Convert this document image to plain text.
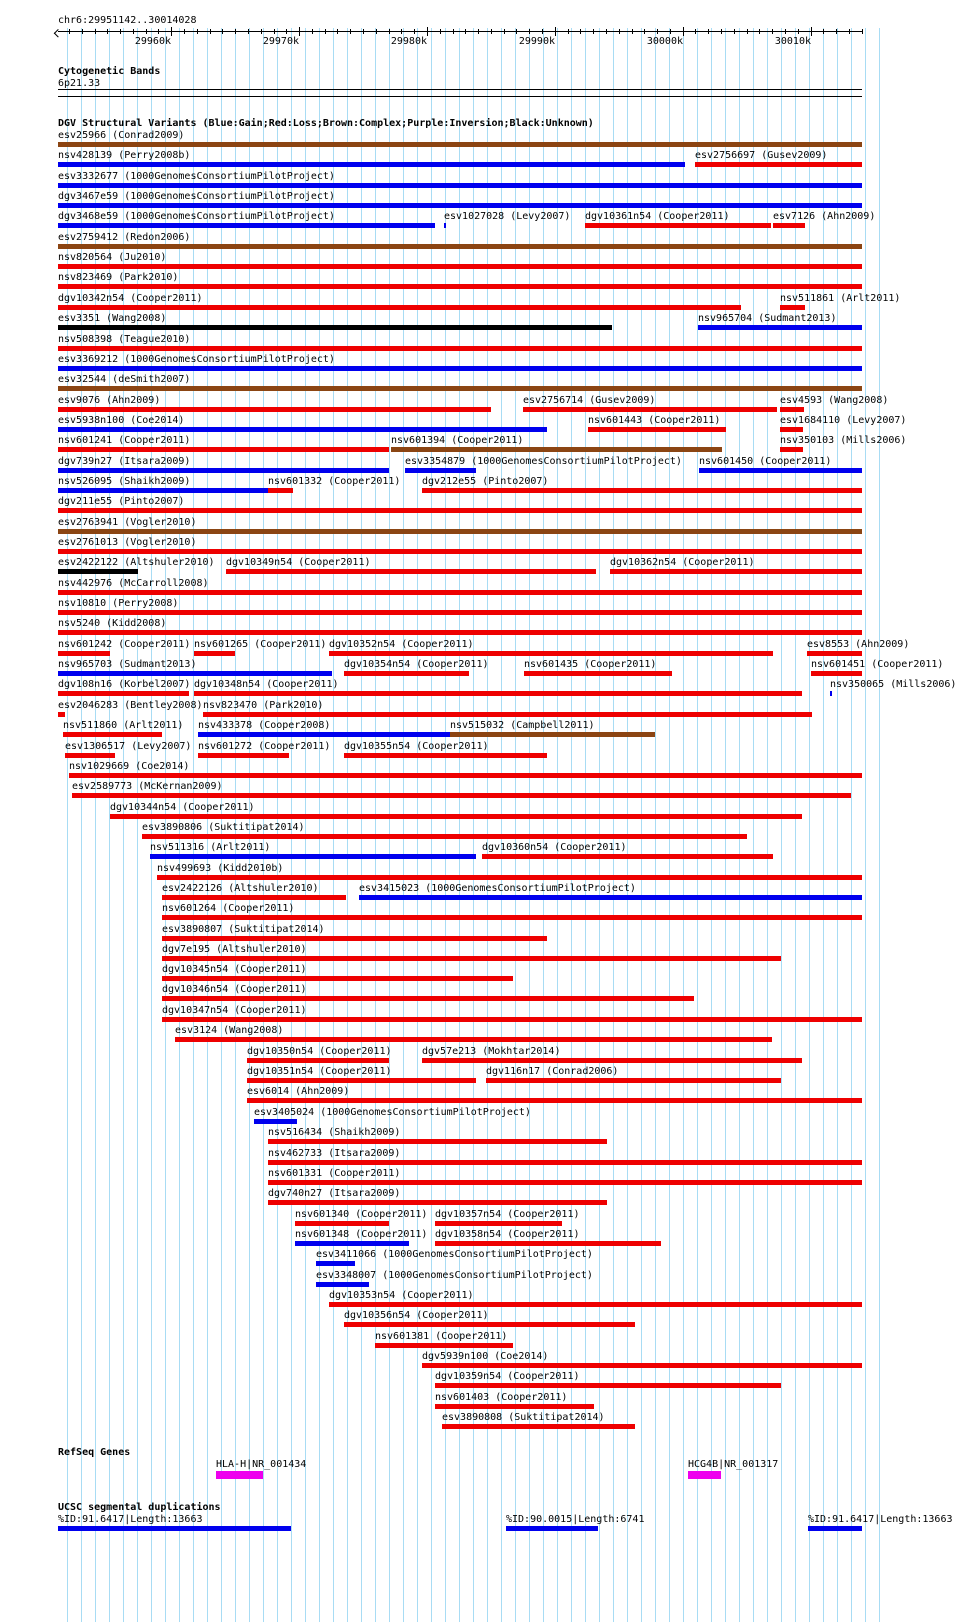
chr6:29951142..30014028
29960k	29970k	29980k	29990k	30000k	30010k
Cytogenetic Bands
6p21.33
DGV Structural Variants (Blue:Gain;Red:Loss;Brown:Complex;Purple:Inversion;Black:Unknown)
esv25966 (Conrad2009)
nsv428139 (Perry2008b)	esv2756697 (Gusev2009)
esv3332677 (1000GenomesConsortiumPilotProject)
dgv3467e59 (1000GenomesConsortiumPilotProject)
dgv3468e59 (1000GenomesConsortiumPilotProject)	esv1027028 (Levy2007) dgv10361n54 (Cooper2011)	esv7126 (Ahn2009)
esv2759412 (Redon2006)
nsv820564 (Ju2010)
nsv823469 (Park2010)
dgv10342n54 (Cooper2011)	nsv511861 (Arlt2011)
esv3351 (Wang2008)	nsv965704 (Sudmant2013)
nsv508398 (Teague2010)
esv3369212 (1000GenomesConsortiumPilotProject)
esv32544 (deSmith2007)
esv9076 (Ahn2009)	esv2756714 (Gusev2009)	esv4593 (Wang2008)
esv5938n100 (Coe2014)	nsv601443 (Cooper2011)	esv1684110 (Levy2007)
nsv601241 (Cooper2011)	nsv601394 (Cooper2011)	nsv350103 (Mills2006)
dgv739n27 (Itsara2009)	esv3354879 (1000GenomesConsortiumPilotProject) nsv601450 (Cooper2011)
nsv526095 (Shaikh2009)	nsv601332 (Cooper2011) dgv212e55 (Pinto2007)
dgv211e55 (Pinto2007)
esv2763941 (Vogler2010)
esv2761013 (Vogler2010)
esv2422122 (Altshuler2010) dgv10349n54 (Cooper2011)	dgv10362n54 (Cooper2011)
nsv442976 (McCarroll2008)
nsv10810 (Perry2008)
nsv5240 (Kidd2008)
nsv601242 (Cooper2011) nsv601265 (Cooper2011) dgv10352n54 (Cooper2011)	esv8553 (Ahn2009)
nsv965703 (Sudmant2013)	dgv10354n54 (Cooper2011)	nsv601435 (Cooper2011)	nsv601451 (Cooper2011)
dgv108n16 (Korbel2007) dgv10348n54 (Cooper2011)	nsv350065 (Mills2006)
esv2046283 (Bentley2008) nsv823470 (Park2010)
nsv511860 (Arlt2011) nsv433378 (Cooper2008)	nsv515032 (Campbell2011)
esv1306517 (Levy2007) nsv601272 (Cooper2011) dgv10355n54 (Cooper2011)
nsv1029669 (Coe2014)
esv2589773 (McKernan2009)
dgv10344n54 (Cooper2011)
esv3890806 (Suktitipat2014)
nsv511316 (Arlt2011)	dgv10360n54 (Cooper2011)
nsv499693 (Kidd2010b)
esv2422126 (Altshuler2010)	esv3415023 (1000GenomesConsortiumPilotProject)
nsv601264 (Cooper2011)
esv3890807 (Suktitipat2014)
dgv7e195 (Altshuler2010)
dgv10345n54 (Cooper2011)
dgv10346n54 (Cooper2011)
dgv10347n54 (Cooper2011)
esv3124 (Wang2008)
dgv10350n54 (Cooper2011)	dgv57e213 (Mokhtar2014)
dgv10351n54 (Cooper2011)	dgv116n17 (Conrad2006)
esv6014 (Ahn2009)
esv3405024 (1000GenomesConsortiumPilotProject)
nsv516434 (Shaikh2009)
nsv462733 (Itsara2009)
nsv601331 (Cooper2011)
dgv740n27 (Itsara2009)
nsv601340 (Cooper2011) dgv10357n54 (Cooper2011)
nsv601348 (Cooper2011) dgv10358n54 (Cooper2011)
esv3411066 (1000GenomesConsortiumPilotProject)
esv3348007 (1000GenomesConsortiumPilotProject)
dgv10353n54 (Cooper2011)
dgv10356n54 (Cooper2011)
nsv601381 (Cooper2011)
dgv5939n100 (Coe2014)
dgv10359n54 (Cooper2011)
nsv601403 (Cooper2011)
esv3890808 (Suktitipat2014)
RefSeq Genes
HLA-H|NR_001434	HCG4B|NR_001317
UCSC segmental duplications
%ID:91.6417|Length:13663	%ID:90.0015|Length:6741	%ID:91.6417|Length:13663
